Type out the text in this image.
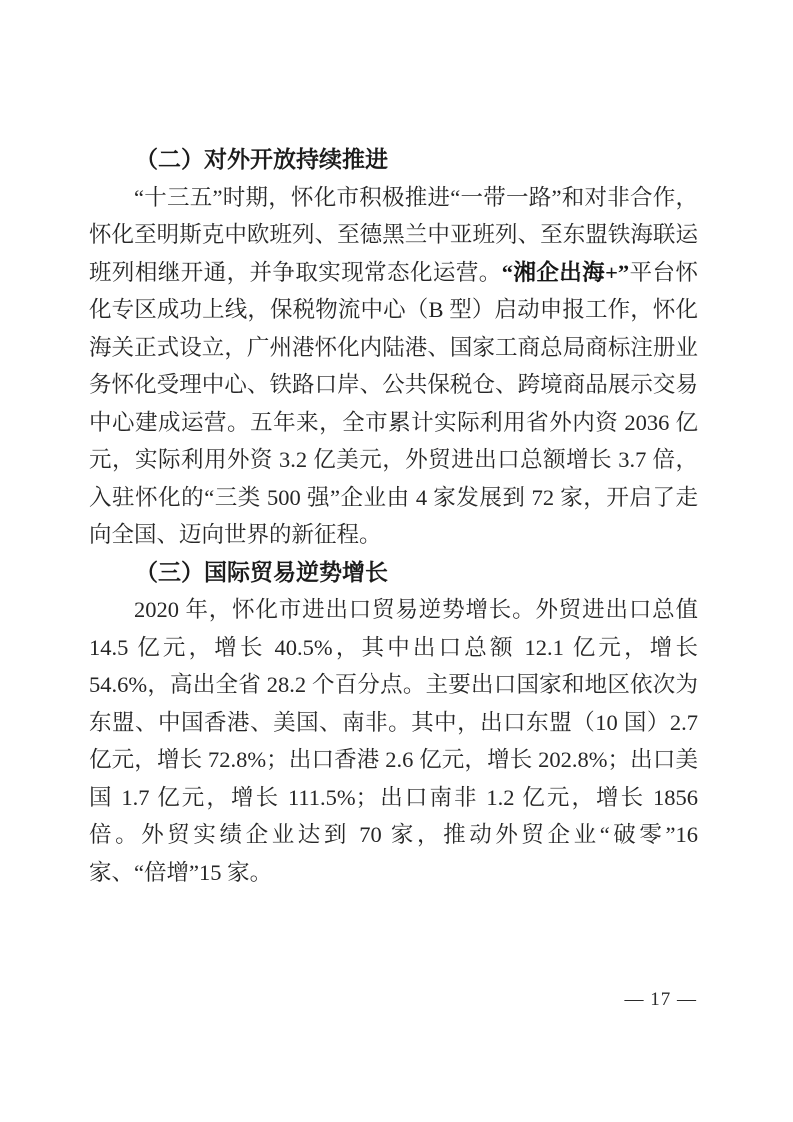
（二）对外开放持续推进

“十三五”时期，怀化市积极推进“一带一路”和对非合作，怀化至明斯克中欧班列、至德黑兰中亚班列、至东盟铁海联运班列相继开通，并争取实现常态化运营。“湘企出海+”平台怀化专区成功上线，保税物流中心（B 型）启动申报工作，怀化海关正式设立，广州港怀化内陆港、国家工商总局商标注册业务怀化受理中心、铁路口岸、公共保税仓、跨境商品展示交易中心建成运营。五年来，全市累计实际利用省外内资 2036 亿元，实际利用外资 3.2 亿美元，外贸进出口总额增长 3.7 倍，入驻怀化的“三类 500 强”企业由 4 家发展到 72 家，开启了走向全国、迈向世界的新征程。

（三）国际贸易逆势增长

2020 年，怀化市进出口贸易逆势增长。外贸进出口总值 14.5 亿元，增长 40.5%，其中出口总额 12.1 亿元，增长 54.6%，高出全省 28.2 个百分点。主要出口国家和地区依次为东盟、中国香港、美国、南非。其中，出口东盟（10 国）2.7 亿元，增长 72.8%；出口香港 2.6 亿元，增长 202.8%；出口美国 1.7 亿元，增长 111.5%；出口南非 1.2 亿元，增长 1856 倍。外贸实绩企业达到 70 家，推动外贸企业“破零”16 家、“倍增”15 家。

— 17 —
